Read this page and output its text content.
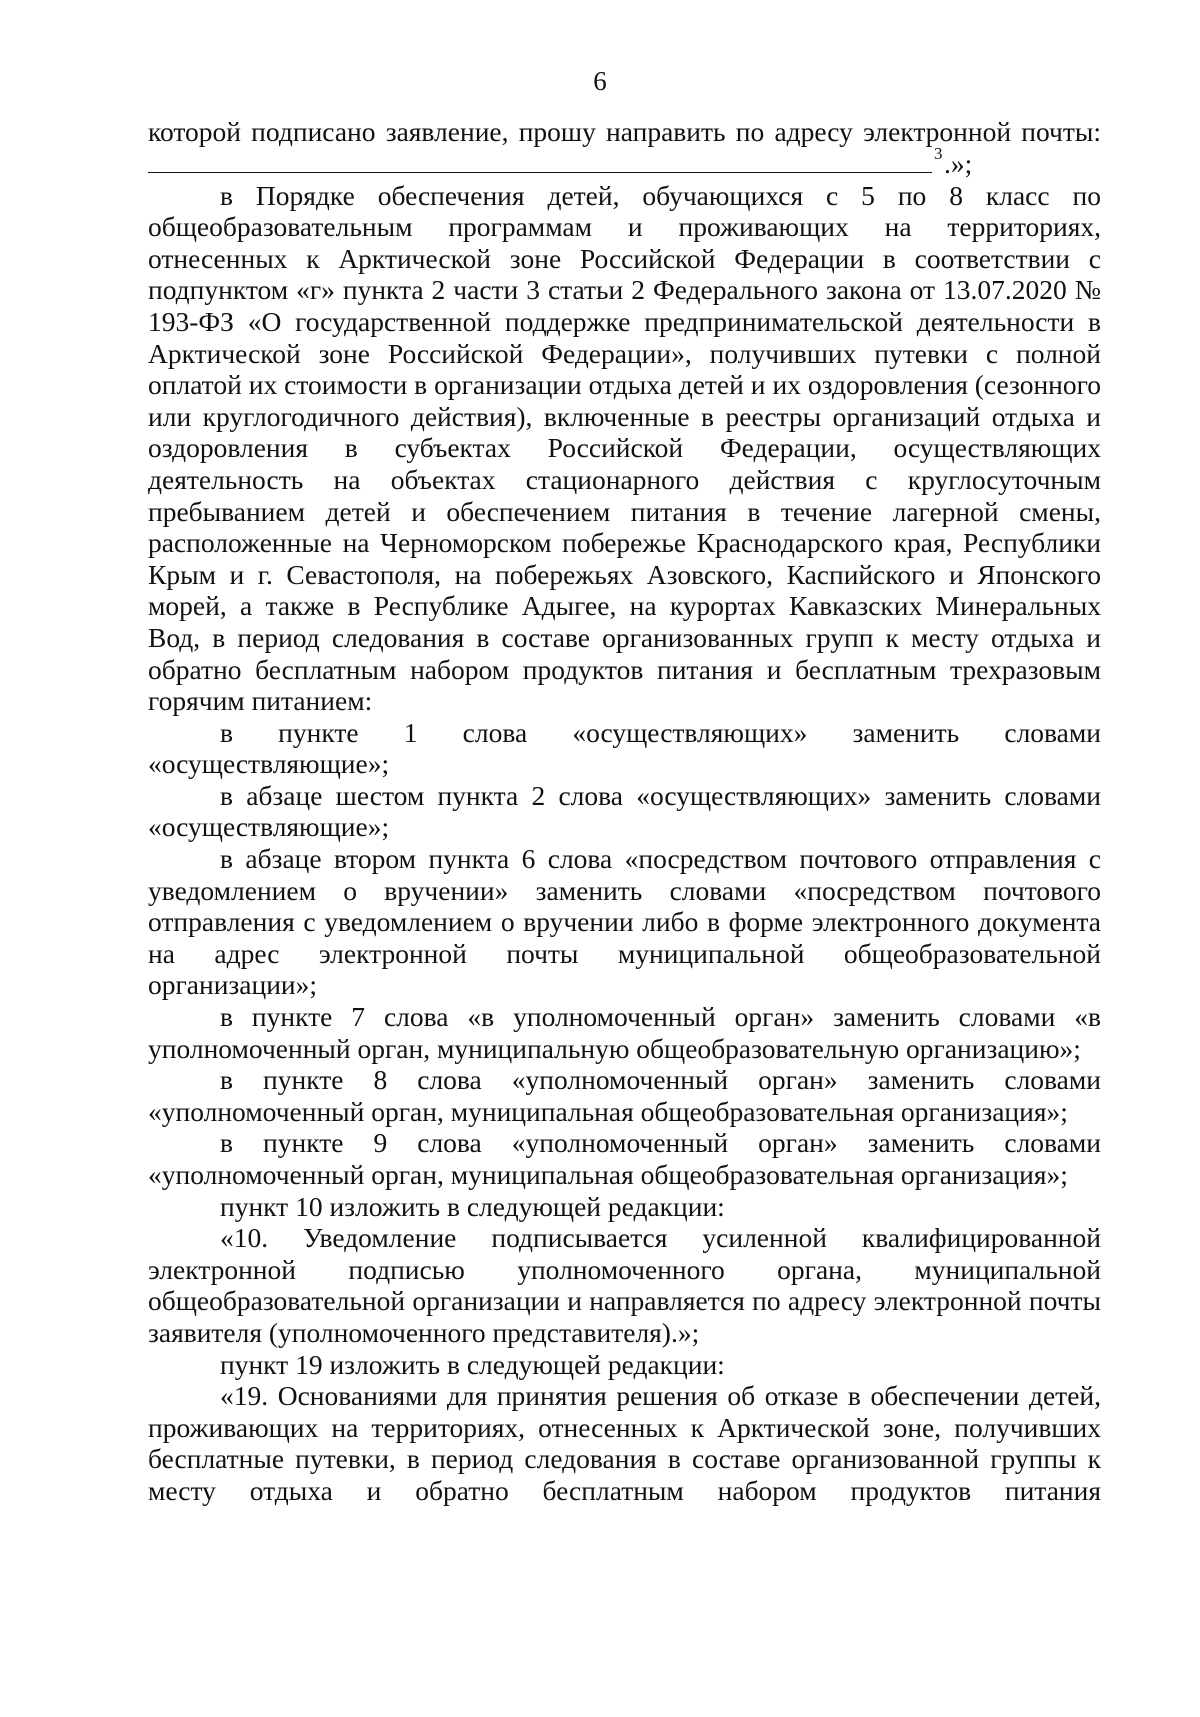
6

которой подписано заявление, прошу направить по адресу электронной почты:

3 .»;

в Порядке обеспечения детей, обучающихся с 5 по 8 класс по общеобразовательным программам и проживающих на территориях, отнесенных к Арктической зоне Российской Федерации в соответствии с подпунктом «г» пункта 2 части 3 статьи 2 Федерального закона от 13.07.2020 № 193-ФЗ «О государственной поддержке предпринимательской деятельности в Арктической зоне Российской Федерации», получивших путевки с полной оплатой их стоимости в организации отдыха детей и их оздоровления (сезонного или круглогодичного действия), включенные в реестры организаций отдыха и оздоровления в субъектах Российской Федерации, осуществляющих деятельность на объектах стационарного действия с круглосуточным пребыванием детей и обеспечением питания в течение лагерной смены, расположенные на Черноморском побережье Краснодарского края, Республики Крым и г. Севастополя, на побережьях Азовского, Каспийского и Японского морей, а также в Республике Адыгее, на курортах Кавказских Минеральных Вод, в период следования в составе организованных групп к месту отдыха и обратно бесплатным набором продуктов питания и бесплатным трехразовым горячим питанием:

в пункте 1 слова «осуществляющих» заменить словами «осуществляющие»;

в абзаце шестом пункта 2 слова «осуществляющих» заменить словами «осуществляющие»;

в абзаце втором пункта 6 слова «посредством почтового отправления с уведомлением о вручении» заменить словами «посредством почтового отправления с уведомлением о вручении либо в форме электронного документа на адрес электронной почты муниципальной общеобразовательной организации»;

в пункте 7 слова «в уполномоченный орган» заменить словами «в уполномоченный орган, муниципальную общеобразовательную организацию»;

в пункте 8 слова «уполномоченный орган» заменить словами «уполномоченный орган, муниципальная общеобразовательная организация»;

в пункте 9 слова «уполномоченный орган» заменить словами «уполномоченный орган, муниципальная общеобразовательная организация»;

пункт 10 изложить в следующей редакции:

«10. Уведомление подписывается усиленной квалифицированной электронной подписью уполномоченного органа, муниципальной общеобразовательной организации и направляется по адресу электронной почты заявителя (уполномоченного представителя).»;

пункт 19 изложить в следующей редакции:

«19. Основаниями для принятия решения об отказе в обеспечении детей, проживающих на территориях, отнесенных к Арктической зоне, получивших бесплатные путевки, в период следования в составе организованной группы к месту отдыха и обратно бесплатным набором продуктов питания
